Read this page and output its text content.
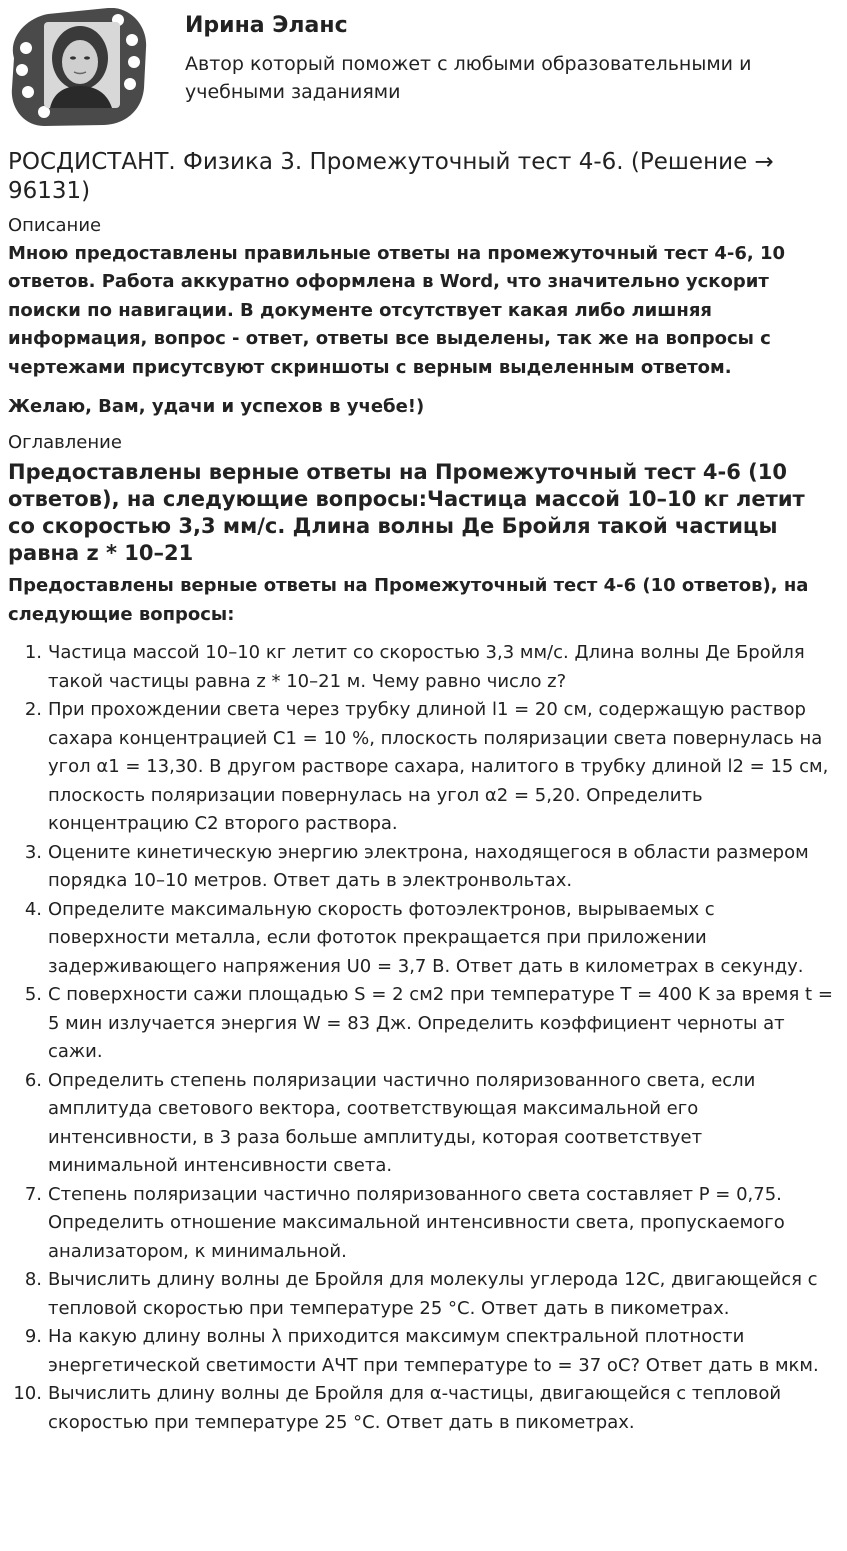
Ирина Эланс
Автор который поможет с любыми образовательными и учебными заданиями
РОСДИСТАНТ. Физика 3. Промежуточный тест 4-6. (Решение → 96131)
Описание

Мною предоставлены правильные ответы на промежуточный тест 4-6, 10 ответов. Работа аккуратно оформлена в Word, что значительно ускорит поиски по навигации. В документе отсутствует какая либо лишняя информация, вопрос - ответ, ответы все выделены, так же на вопросы с чертежами присутсвуют скриншоты с верным выделенным ответом.

Желаю, Вам, удачи и успехов в учебе!)

Оглавление
Предоставлены верные ответы на Промежуточный тест 4-6 (10 ответов), на следующие вопросы:Частица массой 10–10 кг летит со скоростью 3,3 мм/с. Длина волны Де Бройля такой частицы равна z * 10–21

Предоставлены верные ответы на Промежуточный тест 4-6 (10 ответов), на следующие вопросы:

1. Частица массой 10–10 кг летит со скоростью 3,3 мм/с. Длина волны Де Бройля такой частицы равна z * 10–21 м. Чему равно число z?
2. При прохождении света через трубку длиной l1 = 20 см, содержащую раствор сахара концентрацией C1 = 10 %, плоскость поляризации света повернулась на угол α1 = 13,30. В другом растворе сахара, налитого в трубку длиной l2 = 15 см, плоскость поляризации повернулась на угол α2 = 5,20. Определить концентрацию C2 второго раствора.
3. Оцените кинетическую энергию электрона, находящегося в области размером порядка 10–10 метров. Ответ дать в электронвольтах.
4. Определите максимальную скорость фотоэлектронов, вырываемых с поверхности металла, если фототок прекращается при приложении задерживающего напряжения U0 = 3,7 В. Ответ дать в километрах в секунду.
5. С поверхности сажи площадью S = 2 см2 при температуре T = 400 K за время t = 5 мин излучается энергия W = 83 Дж. Определить коэффициент черноты ат сажи.
6. Определить степень поляризации частично поляризованного света, если амплитуда светового вектора, соответствующая максимальной его интенсивности, в 3 раза больше амплитуды, которая соответствует минимальной интенсивности света.
7. Степень поляризации частично поляризованного света составляет P = 0,75. Определить отношение максимальной интенсивности света, пропускаемого анализатором, к минимальной.
8. Вычислить длину волны де Бройля для молекулы углерода 12C, двигающейся с тепловой скоростью при температуре 25 °C. Ответ дать в пикометрах.
9. На какую длину волны λ приходится максимум спектральной плотности энергетической светимости АЧТ при температуре to = 37 oC? Ответ дать в мкм.
10. Вычислить длину волны де Бройля для α-частицы, двигающейся с тепловой скоростью при температуре 25 °C. Ответ дать в пикометрах.
